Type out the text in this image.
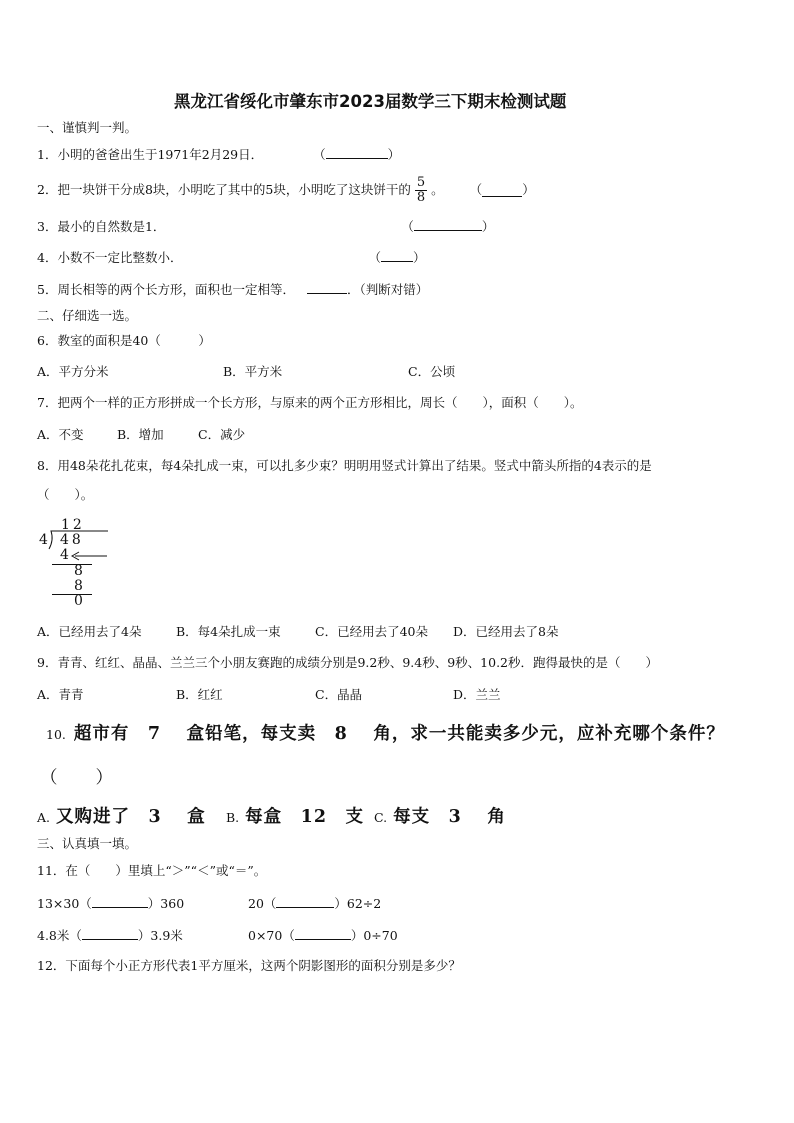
黑龙江省绥化市肇东市2023届数学三下期末检测试题
一、谨慎判一判。
1．小明的爸爸出生于1971年2月29日．	（	）
2．把一块饼干分成8块，小明吃了其中的5块，小明吃了这块饼干的 $\frac{5}{8}$ 。 （	）
3．最小的自然数是1．	（	）
4．小数不一定比整数小．	（	）
5．周长相等的两个长方形，面积也一定相等．	．（判断对错）
二、仔细选一选。
6．教室的面积是40（　　　）
A．平方分米	B．平方米	C．公顷
7．把两个一样的正方形拼成一个长方形，与原来的两个正方形相比，周长（　　），面积（　　）。
A．不变	B．增加	C．减少
8．用48朵花扎花束，每4朵扎成一束，可以扎多少束？明明用竖式计算出了结果。竖式中箭头所指的4表示的是
（　　）。
12
4 48
4
8
8
0
A．已经用去了4朵	B．每4朵扎成一束	C．已经用去了40朵 D．已经用去了8朵
9．青青、红红、晶晶、兰兰三个小朋友赛跑的成绩分别是9.2秒、9.4秒、9秒、10.2秒．跑得最快的是（　　）
A．青青	B．红红	C．晶晶	D．兰兰
10. 超市有　7　 盒铅笔，每支卖　8　 角，求一共能卖多少元，应补充哪个条件？
（　　）
A. 又购进了　3　 盒 B. 每盒　12　支 C. 每支　3　 角
三、认真填一填。
11．在（　　）里填上“＞”“＜”或“＝”。
13×30（	）360	20（	）62÷2
4.8米（	）3.9米	0×70（	）0÷70
12．下面每个小正方形代表1平方厘米，这两个阴影图形的面积分别是多少？
